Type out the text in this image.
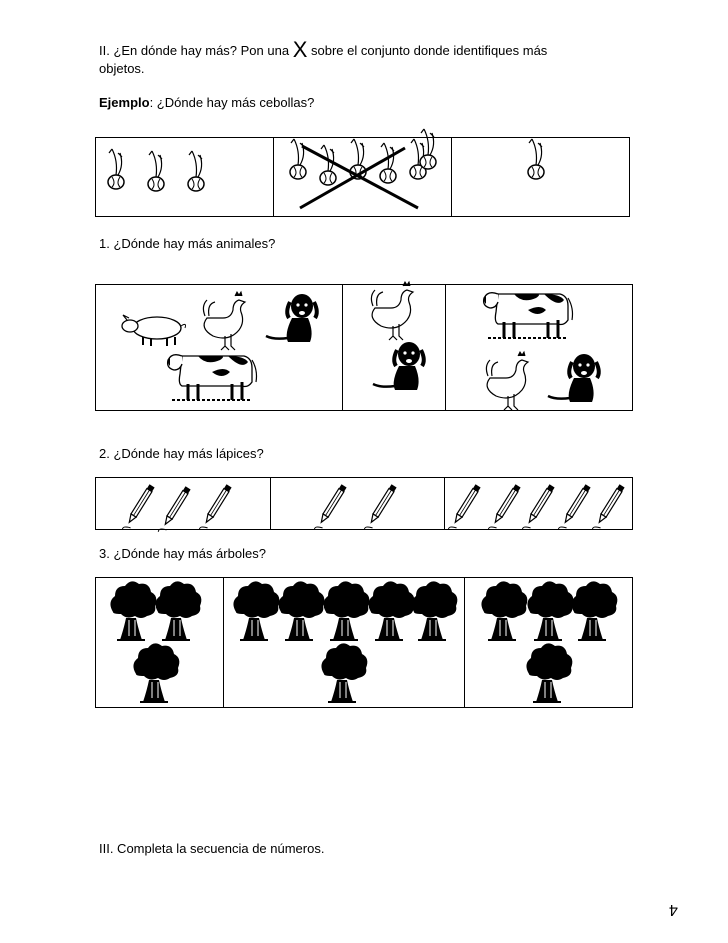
II. ¿En dónde hay más? Pon una X sobre el conjunto donde identifiques más
objetos.
Ejemplo: ¿Dónde hay más cebollas?
1. ¿Dónde hay más animales?
2. ¿Dónde hay más lápices?
3. ¿Dónde hay más árboles?
III. Completa la secuencia de números.
4
